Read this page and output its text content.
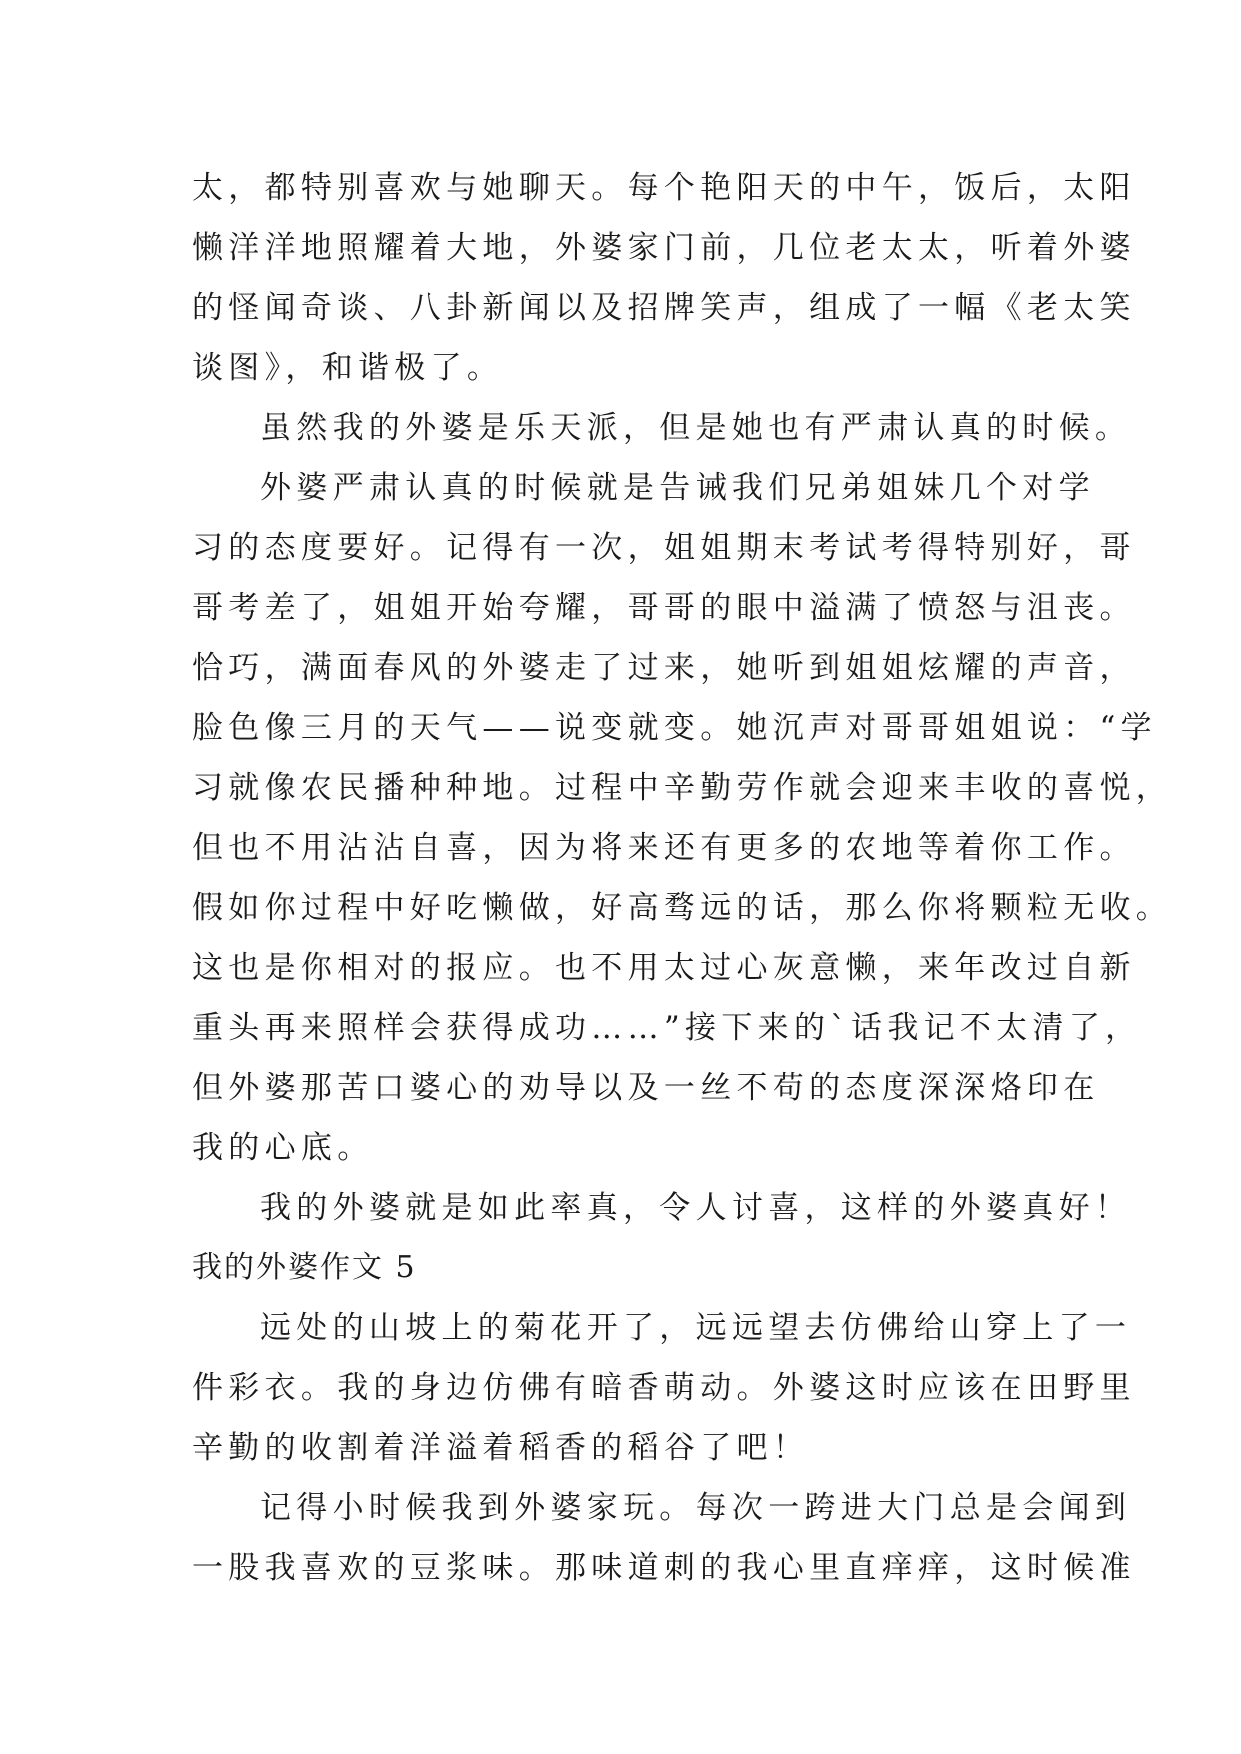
太，都特别喜欢与她聊天。每个艳阳天的中午，饭后，太阳
懒洋洋地照耀着大地，外婆家门前，几位老太太，听着外婆
的怪闻奇谈、八卦新闻以及招牌笑声，组成了一幅《老太笑
谈图》，和谐极了。
虽然我的外婆是乐天派，但是她也有严肃认真的时候。
外婆严肃认真的时候就是告诫我们兄弟姐妹几个对学
习的态度要好。记得有一次，姐姐期末考试考得特别好，哥
哥考差了，姐姐开始夸耀，哥哥的眼中溢满了愤怒与沮丧。
恰巧，满面春风的外婆走了过来，她听到姐姐炫耀的声音，
脸色像三月的天气——说变就变。她沉声对哥哥姐姐说：“学
习就像农民播种种地。过程中辛勤劳作就会迎来丰收的喜悦，
但也不用沾沾自喜，因为将来还有更多的农地等着你工作。
假如你过程中好吃懒做，好高骛远的话，那么你将颗粒无收。
这也是你相对的报应。也不用太过心灰意懒，来年改过自新
重头再来照样会获得成功……”接下来的`话我记不太清了，
但外婆那苦口婆心的劝导以及一丝不苟的态度深深烙印在
我的心底。
我的外婆就是如此率真，令人讨喜，这样的外婆真好！
我的外婆作文 5
远处的山坡上的菊花开了，远远望去仿佛给山穿上了一
件彩衣。我的身边仿佛有暗香萌动。外婆这时应该在田野里
辛勤的收割着洋溢着稻香的稻谷了吧！
记得小时候我到外婆家玩。每次一跨进大门总是会闻到
一股我喜欢的豆浆味。那味道刺的我心里直痒痒，这时候准
